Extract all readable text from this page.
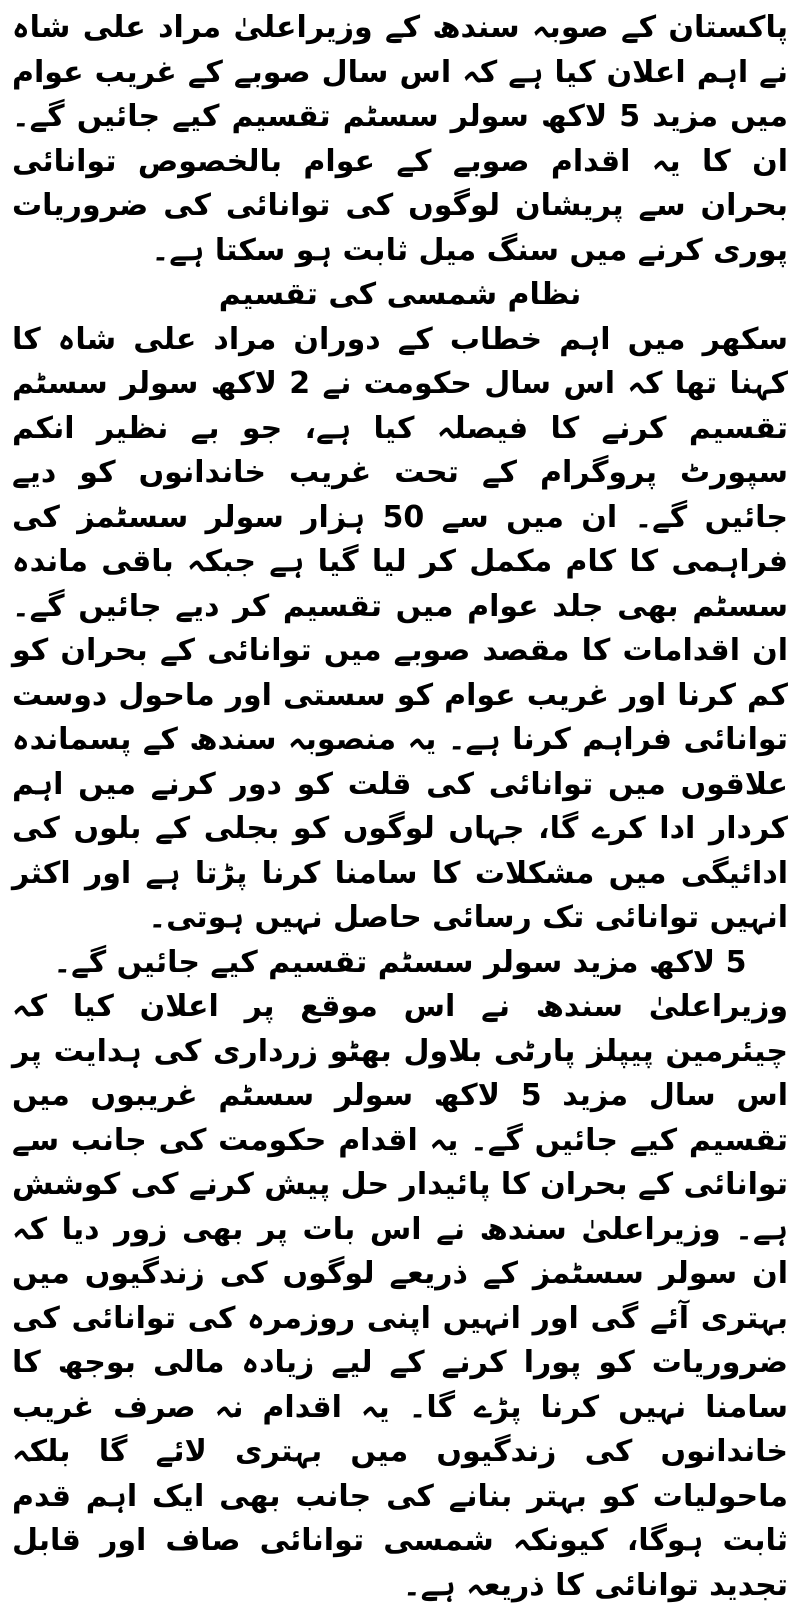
پاکستان کے صوبہ سندھ کے وزیراعلیٰ مراد علی شاہ نے اہم اعلان کیا ہے کہ اس سال صوبے کے غریب عوام میں مزید 5 لاکھ سولر سسٹم تقسیم کیے جائیں گے۔ ان کا یہ اقدام صوبے کے عوام بالخصوص توانائی بحران سے پریشان لوگوں کی توانائی کی ضروریات پوری کرنے میں سنگ میل ثابت ہو سکتا ہے۔

نظام شمسی کی تقسیم

سکھر میں اہم خطاب کے دوران مراد علی شاہ کا کہنا تھا کہ اس سال حکومت نے 2 لاکھ سولر سسٹم تقسیم کرنے کا فیصلہ کیا ہے، جو بے نظیر انکم سپورٹ پروگرام کے تحت غریب خاندانوں کو دیے جائیں گے۔ ان میں سے 50 ہزار سولر سسٹمز کی فراہمی کا کام مکمل کر لیا گیا ہے جبکہ باقی ماندہ سسٹم بھی جلد عوام میں تقسیم کر دیے جائیں گے۔ ان اقدامات کا مقصد صوبے میں توانائی کے بحران کو کم کرنا اور غریب عوام کو سستی اور ماحول دوست توانائی فراہم کرنا ہے۔ یہ منصوبہ سندھ کے پسماندہ علاقوں میں توانائی کی قلت کو دور کرنے میں اہم کردار ادا کرے گا، جہاں لوگوں کو بجلی کے بلوں کی ادائیگی میں مشکلات کا سامنا کرنا پڑتا ہے اور اکثر انہیں توانائی تک رسائی حاصل نہیں ہوتی۔

5 لاکھ مزید سولر سسٹم تقسیم کیے جائیں گے۔

وزیراعلیٰ سندھ نے اس موقع پر اعلان کیا کہ چیئرمین پیپلز پارٹی بلاول بھٹو زرداری کی ہدایت پر اس سال مزید 5 لاکھ سولر سسٹم غریبوں میں تقسیم کیے جائیں گے۔ یہ اقدام حکومت کی جانب سے توانائی کے بحران کا پائیدار حل پیش کرنے کی کوشش ہے۔ وزیراعلیٰ سندھ نے اس بات پر بھی زور دیا کہ ان سولر سسٹمز کے ذریعے لوگوں کی زندگیوں میں بہتری آئے گی اور انہیں اپنی روزمرہ کی توانائی کی ضروریات کو پورا کرنے کے لیے زیادہ مالی بوجھ کا سامنا نہیں کرنا پڑے گا۔ یہ اقدام نہ صرف غریب خاندانوں کی زندگیوں میں بہتری لائے گا بلکہ ماحولیات کو بہتر بنانے کی جانب بھی ایک اہم قدم ثابت ہوگا، کیونکہ شمسی توانائی صاف اور قابل تجدید توانائی کا ذریعہ ہے۔
